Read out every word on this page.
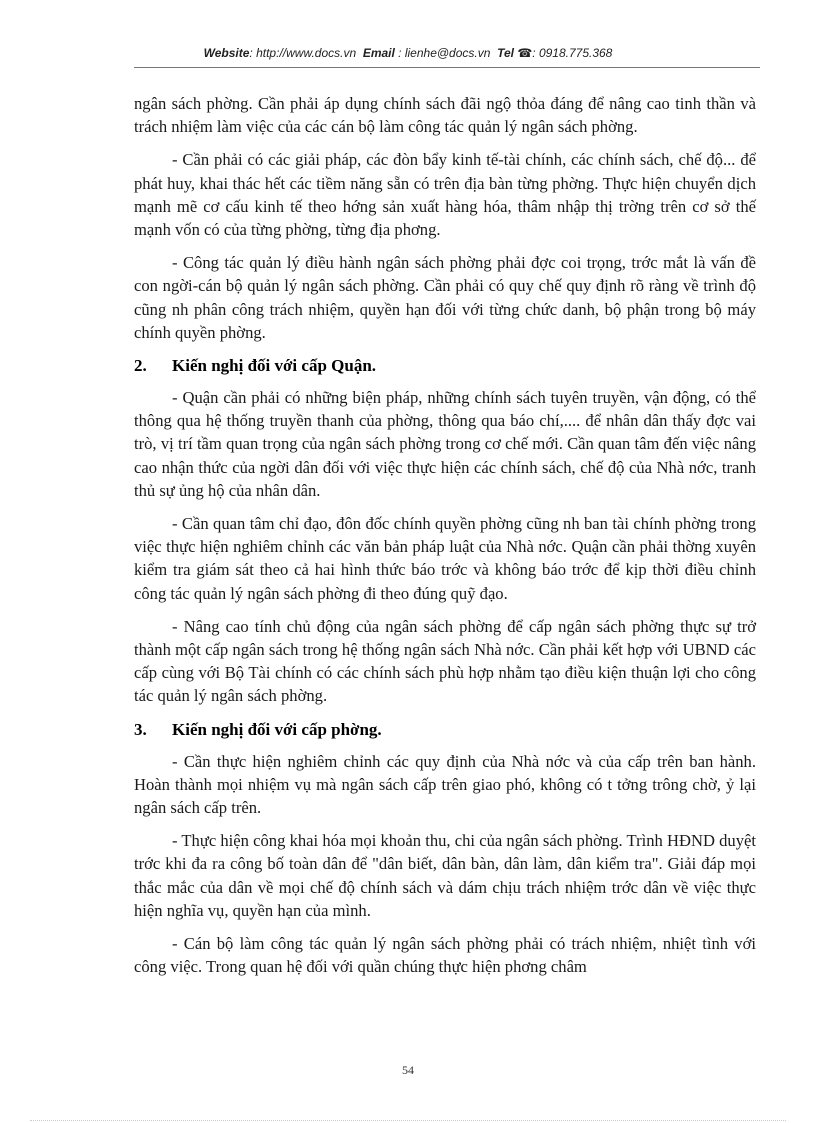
Website: http://www.docs.vn Email : lienhe@docs.vn Tel ☎: 0918.775.368

ngân sách phờng. Cần phải áp dụng chính sách đãi ngộ thỏa đáng để nâng cao tinh thần và trách nhiệm làm việc của các cán bộ làm công tác quản lý ngân sách phờng.

- Cần phải có các giải pháp, các đòn bẩy kinh tế-tài chính, các chính sách, chế độ... để phát huy, khai thác hết các tiềm năng sẵn có trên địa bàn từng phờng. Thực hiện chuyển dịch mạnh mẽ cơ cấu kinh tế theo hớng sản xuất hàng hóa, thâm nhập thị trờng trên cơ sở thế mạnh vốn có của từng phờng, từng địa phơng.

- Công tác quản lý điều hành ngân sách phờng phải đợc coi trọng, trớc mắt là vấn đề con ngời-cán bộ quản lý ngân sách phờng. Cần phải có quy chế quy định rõ ràng về trình độ cũng nh phân công trách nhiệm, quyền hạn đối với từng chức danh, bộ phận trong bộ máy chính quyền phờng.

2.	Kiến nghị đối với cấp Quận.

- Quận cần phải có những biện pháp, những chính sách tuyên truyền, vận động, có thể thông qua hệ thống truyền thanh của phờng, thông qua báo chí,.... để nhân dân thấy đợc vai trò, vị trí tầm quan trọng của ngân sách phờng trong cơ chế mới. Cần quan tâm đến việc nâng cao nhận thức của ngời dân đối với việc thực hiện các chính sách, chế độ của Nhà nớc, tranh thủ sự ủng hộ của nhân dân.

- Cần quan tâm chỉ đạo, đôn đốc chính quyền phờng cũng nh ban tài chính phờng trong việc thực hiện nghiêm chỉnh các văn bản pháp luật của Nhà nớc. Quận cần phải thờng xuyên kiểm tra giám sát theo cả hai hình thức báo trớc và không báo trớc để kịp thời điều chỉnh công tác quản lý ngân sách phờng đi theo đúng quỹ đạo.

- Nâng cao tính chủ động của ngân sách phờng để cấp ngân sách phờng thực sự trở thành một cấp ngân sách trong hệ thống ngân sách Nhà nớc. Cần phải kết hợp với UBND các cấp cùng với Bộ Tài chính có các chính sách phù hợp nhằm tạo điều kiện thuận lợi cho công tác quản lý ngân sách phờng.

3.	Kiến nghị đối với cấp phờng.

- Cần thực hiện nghiêm chỉnh các quy định của Nhà nớc và của cấp trên ban hành. Hoàn thành mọi nhiệm vụ mà ngân sách cấp trên giao phó, không có t tởng trông chờ, ỷ lại ngân sách cấp trên.

- Thực hiện công khai hóa mọi khoản thu, chi của ngân sách phờng. Trình HĐND duyệt trớc khi đa ra công bố toàn dân để "dân biết, dân bàn, dân làm, dân kiểm tra". Giải đáp mọi thắc mắc của dân về mọi chế độ chính sách và dám chịu trách nhiệm trớc dân về việc thực hiện nghĩa vụ, quyền hạn của mình.

- Cán bộ làm công tác quản lý ngân sách phờng phải có trách nhiệm, nhiệt tình với công việc. Trong quan hệ đối với quần chúng thực hiện phơng châm

54
